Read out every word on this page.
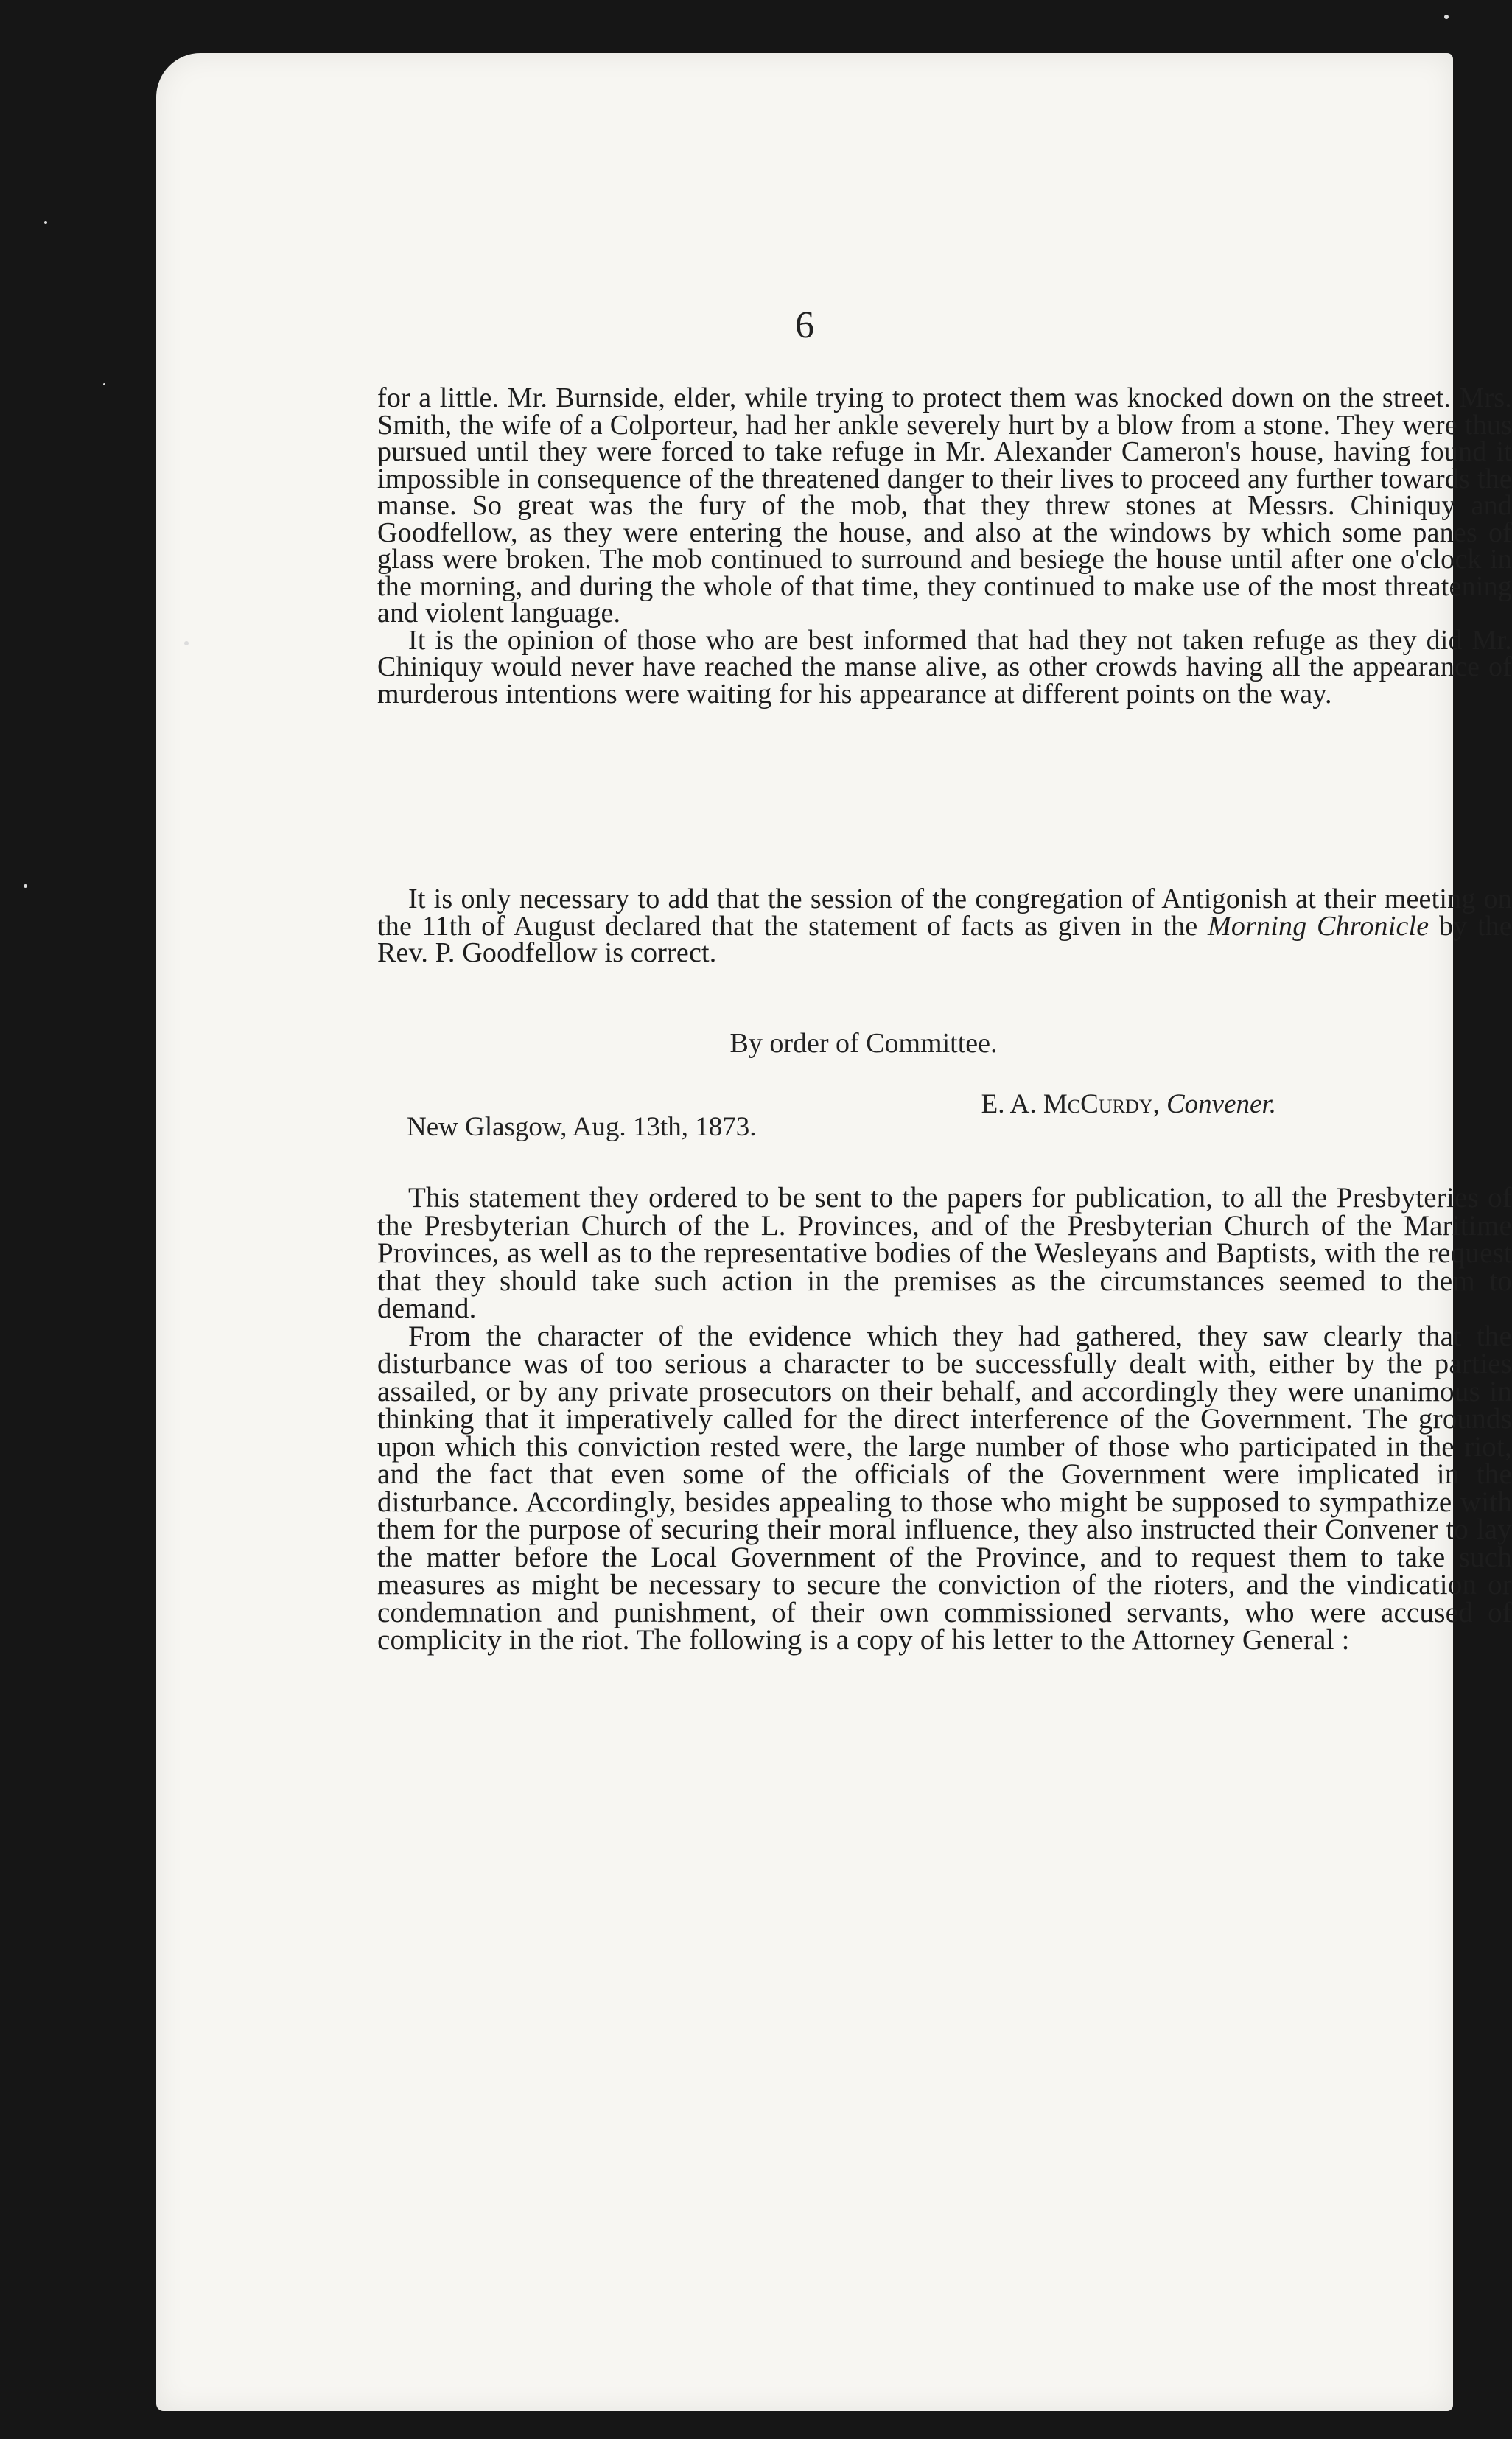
6

for a little. Mr. Burnside, elder, while trying to protect them was knocked down on the street. Mrs. Smith, the wife of a Colporteur, had her ankle severely hurt by a blow from a stone. They were thus pursued until they were forced to take refuge in Mr. Alexander Cameron's house, having found it impossible in consequence of the threatened danger to their lives to proceed any further towards the manse. So great was the fury of the mob, that they threw stones at Messrs. Chiniquy and Goodfellow, as they were entering the house, and also at the windows by which some panes of glass were broken. The mob continued to surround and besiege the house until after one o'clock in the morning, and during the whole of that time, they continued to make use of the most threatening and violent language.

It is the opinion of those who are best informed that had they not taken refuge as they did Mr. Chiniquy would never have reached the manse alive, as other crowds having all the appearance of murderous intentions were waiting for his appearance at different points on the way.

It is only necessary to add that the session of the congregation of Antigonish at their meeting on the 11th of August declared that the statement of facts as given in the Morning Chronicle by the Rev. P. Goodfellow is correct.

By order of Committee.
E. A. McCurdy, Convener.
New Glasgow, Aug. 13th, 1873.

This statement they ordered to be sent to the papers for publication, to all the Presbyteries of the Presbyterian Church of the L. Provinces, and of the Presbyterian Church of the Maritime Provinces, as well as to the representative bodies of the Wesleyans and Baptists, with the request that they should take such action in the premises as the circumstances seemed to them to demand.

From the character of the evidence which they had gathered, they saw clearly that the disturbance was of too serious a character to be successfully dealt with, either by the parties assailed, or by any private prosecutors on their behalf, and accordingly they were unanimous in thinking that it imperatively called for the direct interference of the Government. The grounds upon which this conviction rested were, the large number of those who participated in the riot, and the fact that even some of the officials of the Government were implicated in the disturbance. Accordingly, besides appealing to those who might be supposed to sympathize with them for the purpose of securing their moral influence, they also instructed their Convener to lay the matter before the Local Government of the Province, and to request them to take such measures as might be necessary to secure the conviction of the rioters, and the vindication or condemnation and punishment, of their own commissioned servants, who were accused of complicity in the riot. The following is a copy of his letter to the Attorney General :
